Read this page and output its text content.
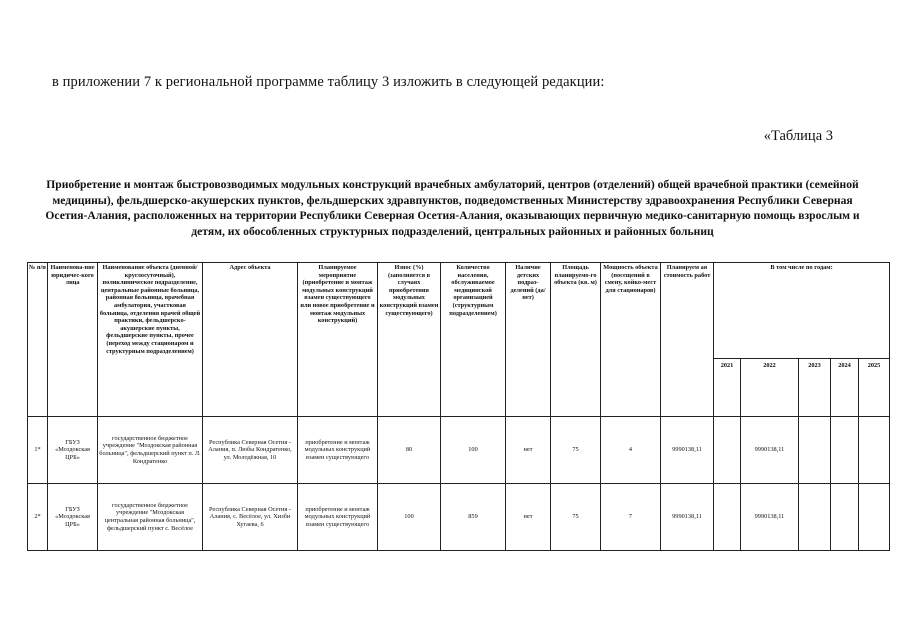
в приложении 7 к региональной программе таблицу 3 изложить в следующей редакции:
«Таблица 3
Приобретение и монтаж быстровозводимых модульных конструкций врачебных амбулаторий, центров (отделений) общей врачебной практики (семейной медицины), фельдшерско-акушерских пунктов, фельдшерских здравпунктов, подведомственных Министерству здравоохранения Республики Северная Осетия-Алания, расположенных на территории Республики Северная Осетия-Алания, оказывающих первичную медико-санитарную помощь взрослым и детям, их обособленных структурных подразделений, центральных районных и районных больниц
№ п/п	Наименова-ние юридичес-кого лица	Наименование объекта (дневной/ круглосуточный), поликлиническое подразделение, центральные районные больница, районная больница, врачебная амбулатория, участковая больница, отделения врачей общей практики, фельдшерско-акушерские пункты, фельдшерские пункты, прочее (переход между стационаром и структурным подразделением)	Адрес объекта	Планируемое мероприятие (приобретение и монтаж модульных конструкций взамен существующего или новое приобретение и монтаж модульных конструкций)	Износ (%) (заполняется в случаях приобретения модульных конструкций взамен существующего)	Количество населения, обслуживаемое медицинской организацией (структурным подразделением)	Наличие детских подраз-делений (да/нет)	Площадь планируемо-го объекта (кв. м)	Мощность объекта (посещений в смену, койко-мест для стационаров)	Планируем ая стоимость работ	В том числе по годам:				
											2021	2022	2023	2024	2025
1*	ГБУЗ «Моздокская ЦРБ»	государственное бюджетное учреждение "Моздокская районная больница", фельдшерский пункт п. Л. Кондратенко	Республика Северная Осетия - Алания, п. Любы Кондратенко, ул. Молодёжная, 10	приобретение и монтаж модульных конструкций взамен существующего	80	100	нет	75	4	9990138,11		9990138,11			
2*	ГБУЗ «Моздокская ЦРБ»	государственное бюджетное учреждение "Моздокская центральная районная больница", фельдшерский пункт с. Весёлое	Республика Северная Осетия - Алания, с. Весёлое, ул. Хизби Хугаева, 6	приобретение и монтаж модульных конструкций взамен существующего	100	859	нет	75	7	9990138,11		9990138,11			
